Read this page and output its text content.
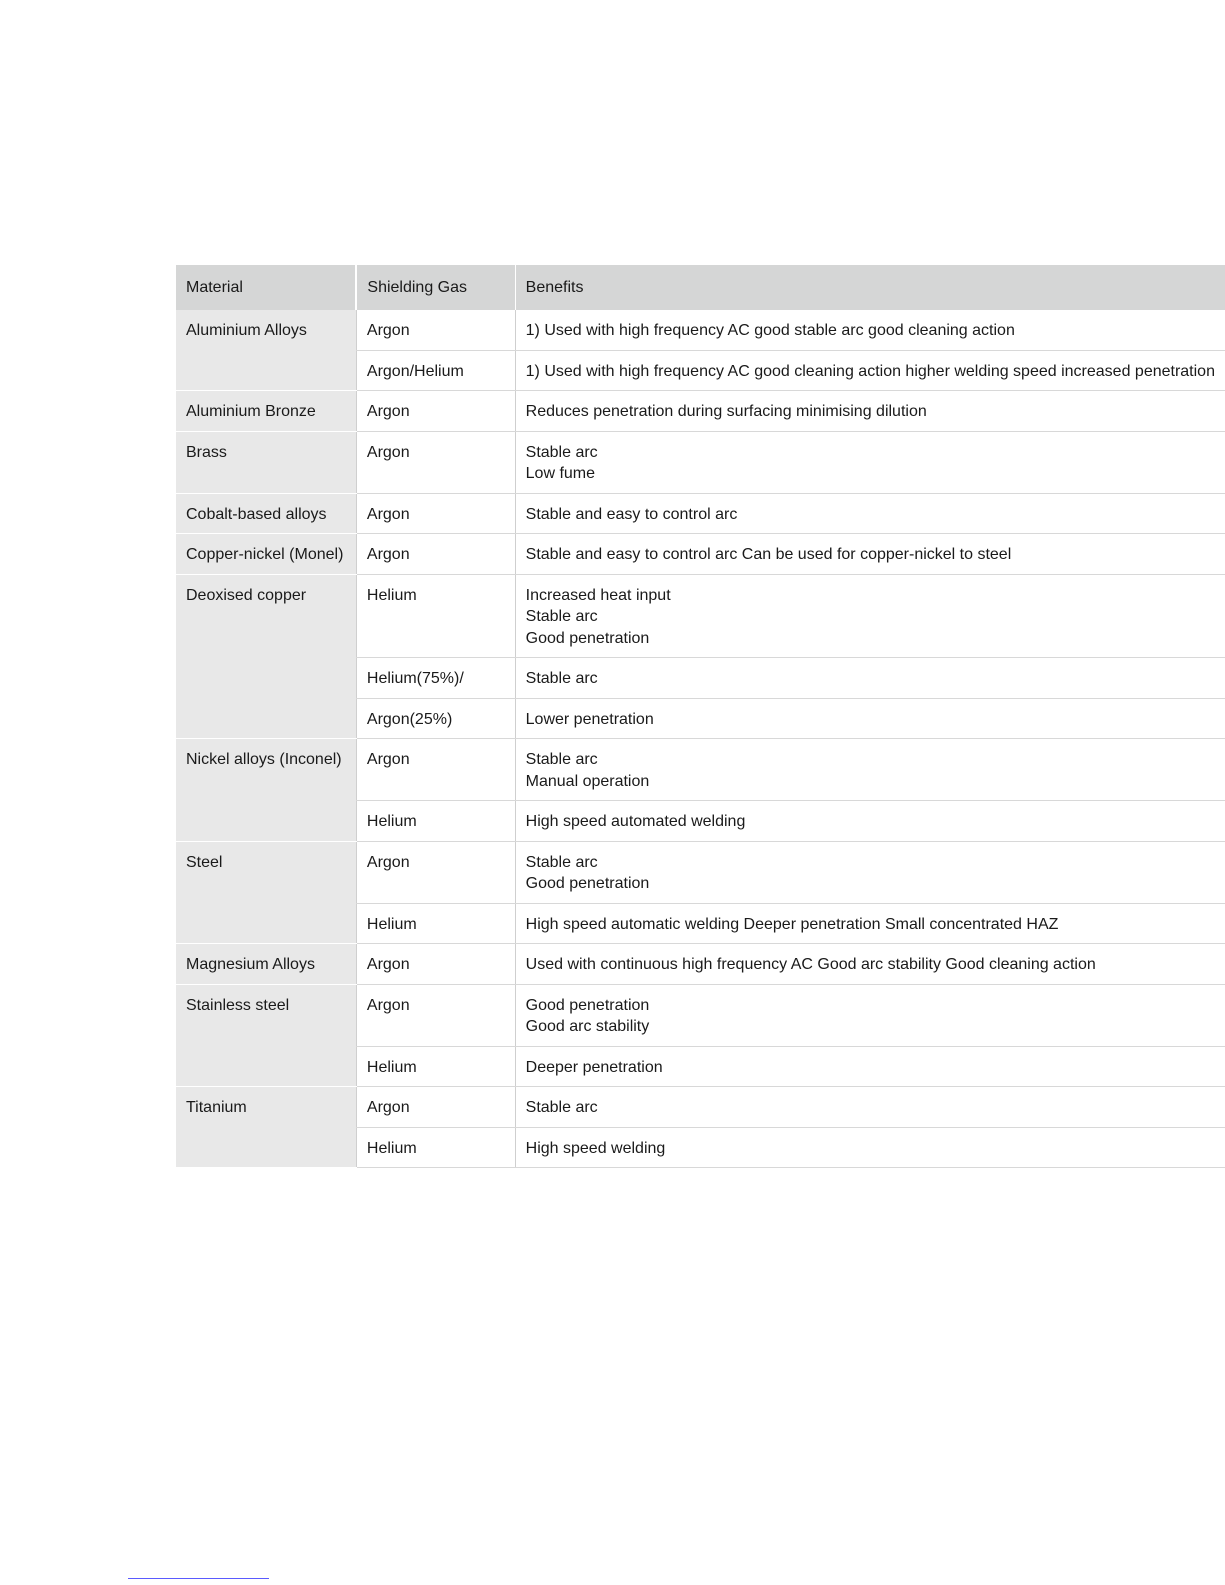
Material	Shielding Gas	Benefits
Aluminium Alloys	Argon	1) Used with high frequency AC good stable arc good cleaning action
	Argon/Helium	1) Used with high frequency AC good cleaning action higher welding speed increased penetration
Aluminium Bronze	Argon	Reduces penetration during surfacing minimising dilution
Brass	Argon	Stable arc
Low fume
Cobalt-based alloys	Argon	Stable and easy to control arc
Copper-nickel (Monel)	Argon	Stable and easy to control arc Can be used for copper-nickel to steel
Deoxised copper	Helium	Increased heat input
Stable arc
Good penetration
	Helium(75%)/	Stable arc
	Argon(25%)	Lower penetration
Nickel alloys (Inconel)	Argon	Stable arc
Manual operation
	Helium	High speed automated welding
Steel	Argon	Stable arc
Good penetration
	Helium	High speed automatic welding Deeper penetration Small concentrated HAZ
Magnesium Alloys	Argon	Used with continuous high frequency AC Good arc stability Good cleaning action
Stainless steel	Argon	Good penetration
Good arc stability
	Helium	Deeper penetration
Titanium	Argon	Stable arc
	Helium	High speed welding
